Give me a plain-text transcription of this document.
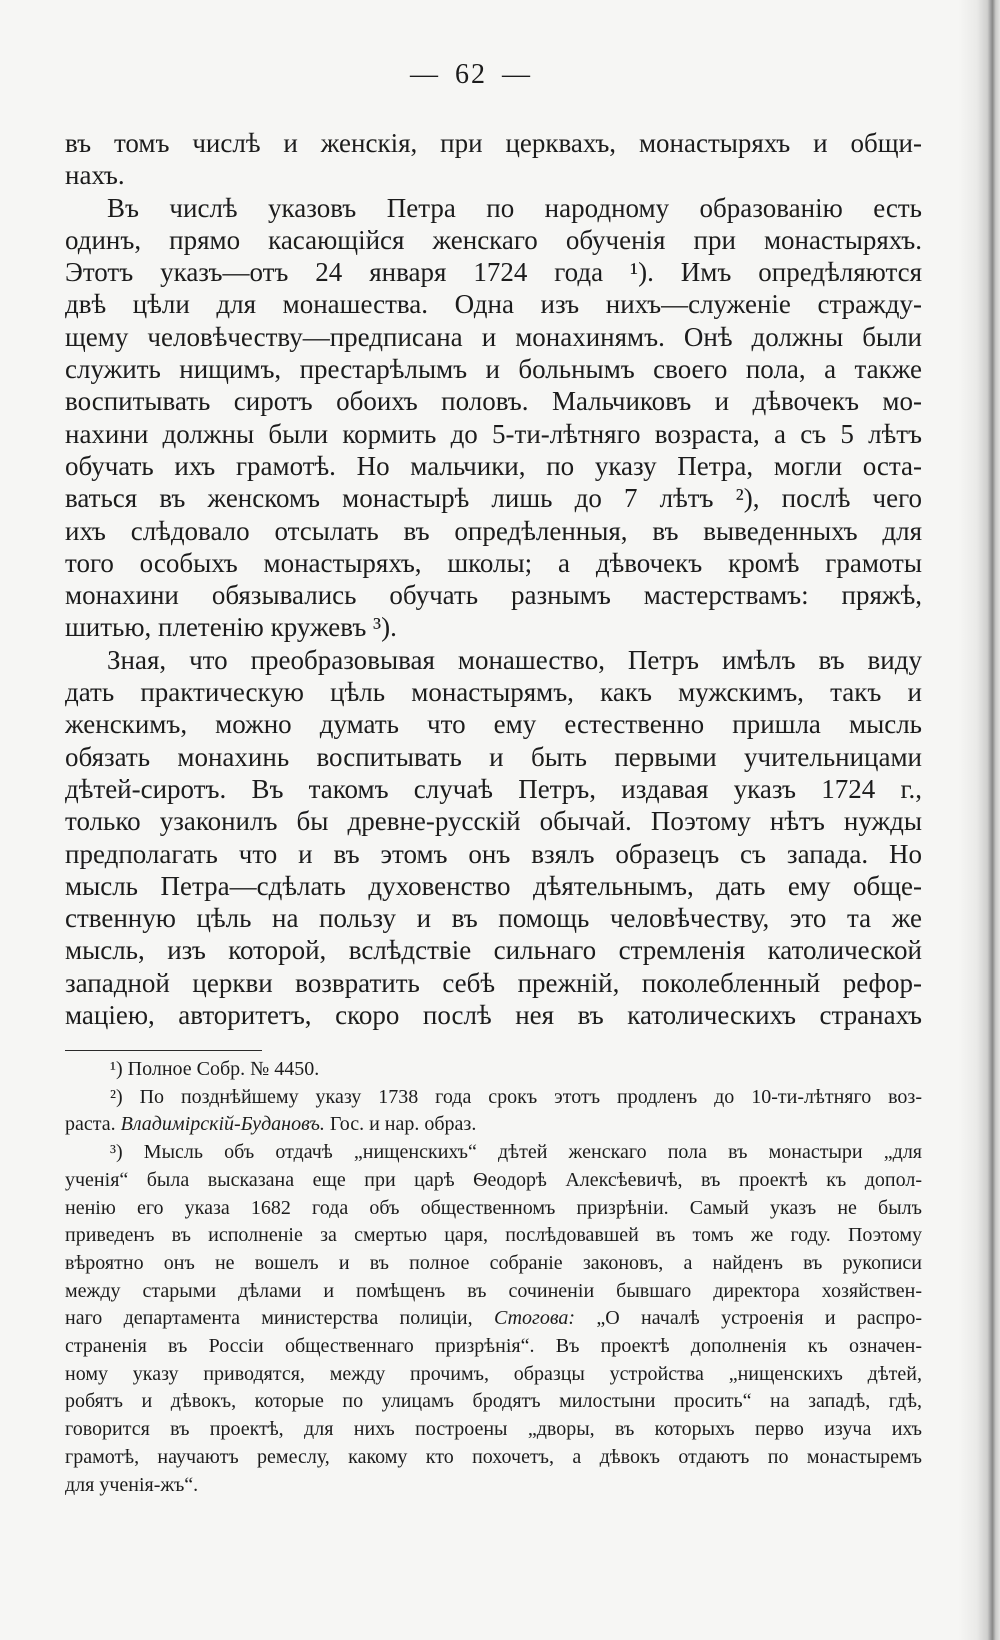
— 62 —
въ томъ числѣ и женскія, при церквахъ, монастыряхъ и общи-
нахъ.
Въ числѣ указовъ Петра по народному образованію есть
одинъ, прямо касающійся женскаго обученія при монастыряхъ.
Этотъ указъ—отъ 24 января 1724 года ¹). Имъ опредѣляются
двѣ цѣли для монашества. Одна изъ нихъ—служеніе стражду-
щему человѣчеству—предписана и монахинямъ. Онѣ должны были
служить нищимъ, престарѣлымъ и больнымъ своего пола, а также
воспитывать сиротъ обоихъ половъ. Мальчиковъ и дѣвочекъ мо-
нахини должны были кормить до 5-ти-лѣтняго возраста, а съ 5 лѣтъ
обучать ихъ грамотѣ. Но мальчики, по указу Петра, могли оста-
ваться въ женскомъ монастырѣ лишь до 7 лѣтъ ²), послѣ чего
ихъ слѣдовало отсылать въ опредѣленныя, въ выведенныхъ для
того особыхъ монастыряхъ, школы; а дѣвочекъ кромѣ грамоты
монахини обязывались обучать разнымъ мастерствамъ: пряжѣ,
шитью, плетенію кружевъ ³).
Зная, что преобразовывая монашество, Петръ имѣлъ въ виду
дать практическую цѣль монастырямъ, какъ мужскимъ, такъ и
женскимъ, можно думать что ему естественно пришла мысль
обязать монахинь воспитывать и быть первыми учительницами
дѣтей-сиротъ. Въ такомъ случаѣ Петръ, издавая указъ 1724 г.,
только узаконилъ бы древне-русскій обычай. Поэтому нѣтъ нужды
предполагать что и въ этомъ онъ взялъ образецъ съ запада. Но
мысль Петра—сдѣлать духовенство дѣятельнымъ, дать ему обще-
ственную цѣль на пользу и въ помощь человѣчеству, это та же
мысль, изъ которой, вслѣдствіе сильнаго стремленія католической
западной церкви возвратить себѣ прежній, поколебленный рефор-
маціею, авторитетъ, скоро послѣ нея въ католическихъ странахъ
¹) Полное Собр. № 4450.
²) По позднѣйшему указу 1738 года срокъ этотъ продленъ до 10-ти-лѣтняго воз-
раста. Владимірскій-Будановъ. Гос. и нар. образ.
³) Мысль объ отдачѣ „нищенскихъ“ дѣтей женскаго пола въ монастыри „для
ученія“ была высказана еще при царѣ Ѳеодорѣ Алексѣевичѣ, въ проектѣ къ допол-
ненію его указа 1682 года объ общественномъ призрѣніи. Самый указъ не былъ
приведенъ въ исполненіе за смертью царя, послѣдовавшей въ томъ же году. Поэтому
вѣроятно онъ не вошелъ и въ полное собраніе законовъ, а найденъ въ рукописи
между старыми дѣлами и помѣщенъ въ сочиненіи бывшаго директора хозяйствен-
наго департамента министерства полиціи, Стогова: „О началѣ устроенія и распро-
страненія въ Россіи общественнаго призрѣнія“. Въ проектѣ дополненія къ означен-
ному указу приводятся, между прочимъ, образцы устройства „нищенскихъ дѣтей,
робятъ и дѣвокъ, которые по улицамъ бродятъ милостыни просить“ на западѣ, гдѣ,
говорится въ проектѣ, для нихъ построены „дворы, въ которыхъ перво изуча ихъ
грамотѣ, научаютъ ремеслу, какому кто похочетъ, а дѣвокъ отдаютъ по монастыремъ
для ученія-жъ“.
